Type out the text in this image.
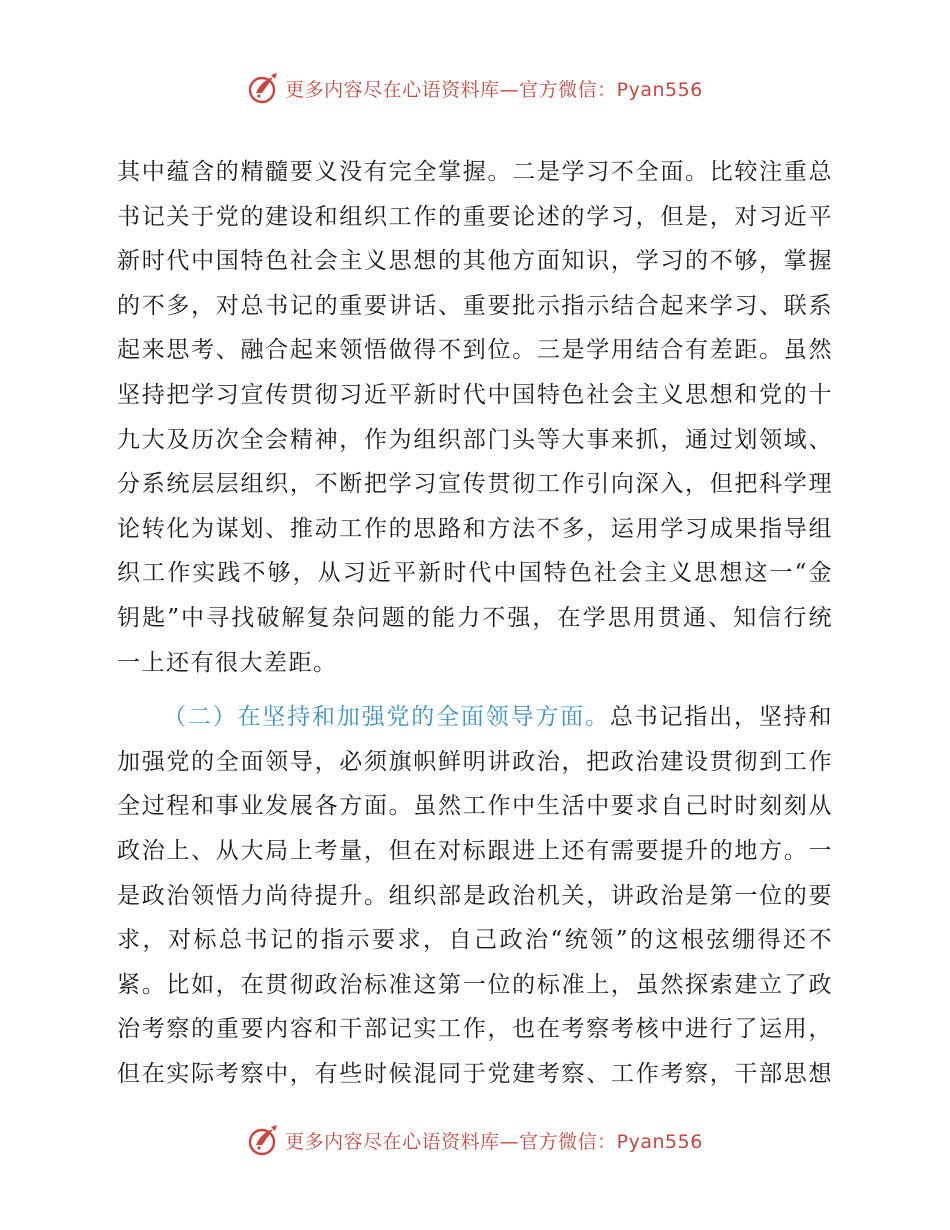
更多内容尽在心语资料库—官方微信：Pyan556
其中蕴含的精髓要义没有完全掌握。二是学习不全面。比较注重总
书记关于党的建设和组织工作的重要论述的学习，但是，对习近平
新时代中国特色社会主义思想的其他方面知识，学习的不够，掌握
的不多，对总书记的重要讲话、重要批示指示结合起来学习、联系
起来思考、融合起来领悟做得不到位。三是学用结合有差距。虽然
坚持把学习宣传贯彻习近平新时代中国特色社会主义思想和党的十
九大及历次全会精神，作为组织部门头等大事来抓，通过划领域、
分系统层层组织，不断把学习宣传贯彻工作引向深入，但把科学理
论转化为谋划、推动工作的思路和方法不多，运用学习成果指导组
织工作实践不够，从习近平新时代中国特色社会主义思想这一“金
钥匙”中寻找破解复杂问题的能力不强，在学思用贯通、知信行统
一上还有很大差距。
（二）在坚持和加强党的全面领导方面。总书记指出，坚持和
加强党的全面领导，必须旗帜鲜明讲政治，把政治建设贯彻到工作
全过程和事业发展各方面。虽然工作中生活中要求自己时时刻刻从
政治上、从大局上考量，但在对标跟进上还有需要提升的地方。一
是政治领悟力尚待提升。组织部是政治机关，讲政治是第一位的要
求，对标总书记的指示要求，自己政治“统领”的这根弦绷得还不
紧。比如，在贯彻政治标准这第一位的标准上，虽然探索建立了政
治考察的重要内容和干部记实工作，也在考察考核中进行了运用，
但在实际考察中，有些时候混同于党建考察、工作考察，干部思想
更多内容尽在心语资料库—官方微信：Pyan556
